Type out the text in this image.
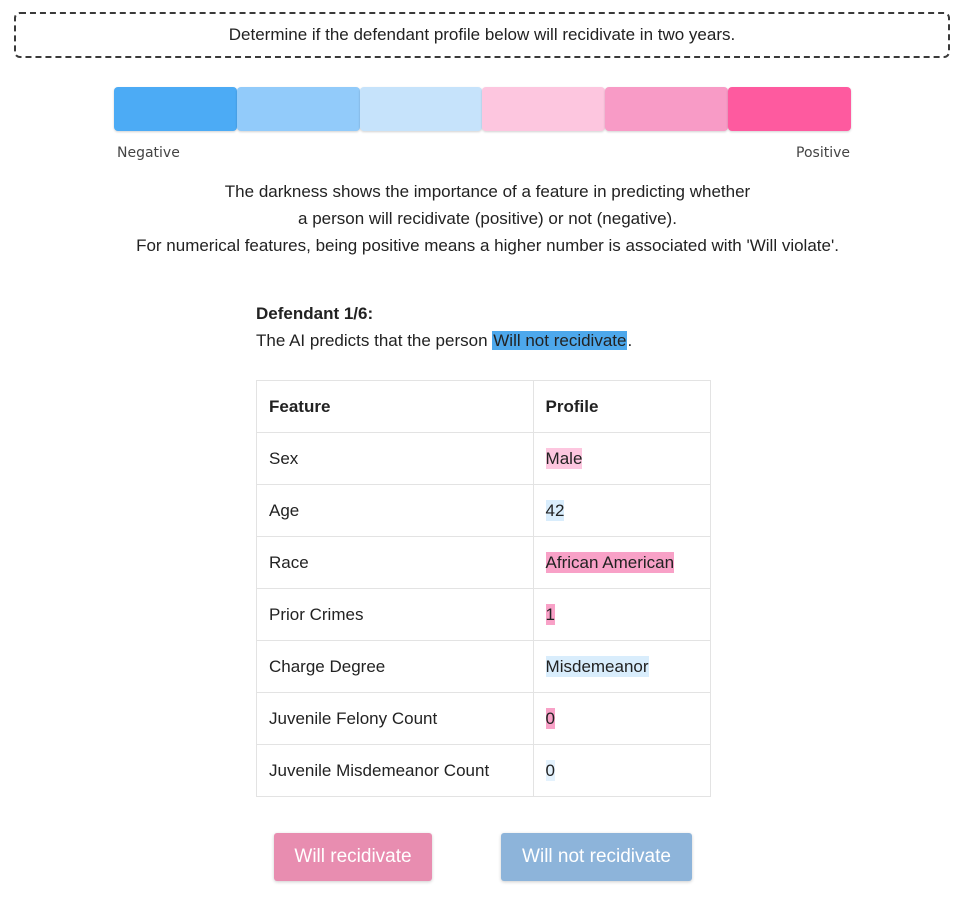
Determine if the defendant profile below will recidivate in two years.
Negative	Positive

The darkness shows the importance of a feature in predicting whether

a person will recidivate (positive) or not (negative).

For numerical features, being positive means a higher number is associated with 'Will violate'.

Defendant 1/6:
The AI predicts that the person Will not recidivate.
Feature	Profile
Sex	Male
Age	42
Race	African American
Prior Crimes	1
Charge Degree	Misdemeanor
Juvenile Felony Count	0
Juvenile Misdemeanor Count	0
Will recidivate	Will not recidivate
